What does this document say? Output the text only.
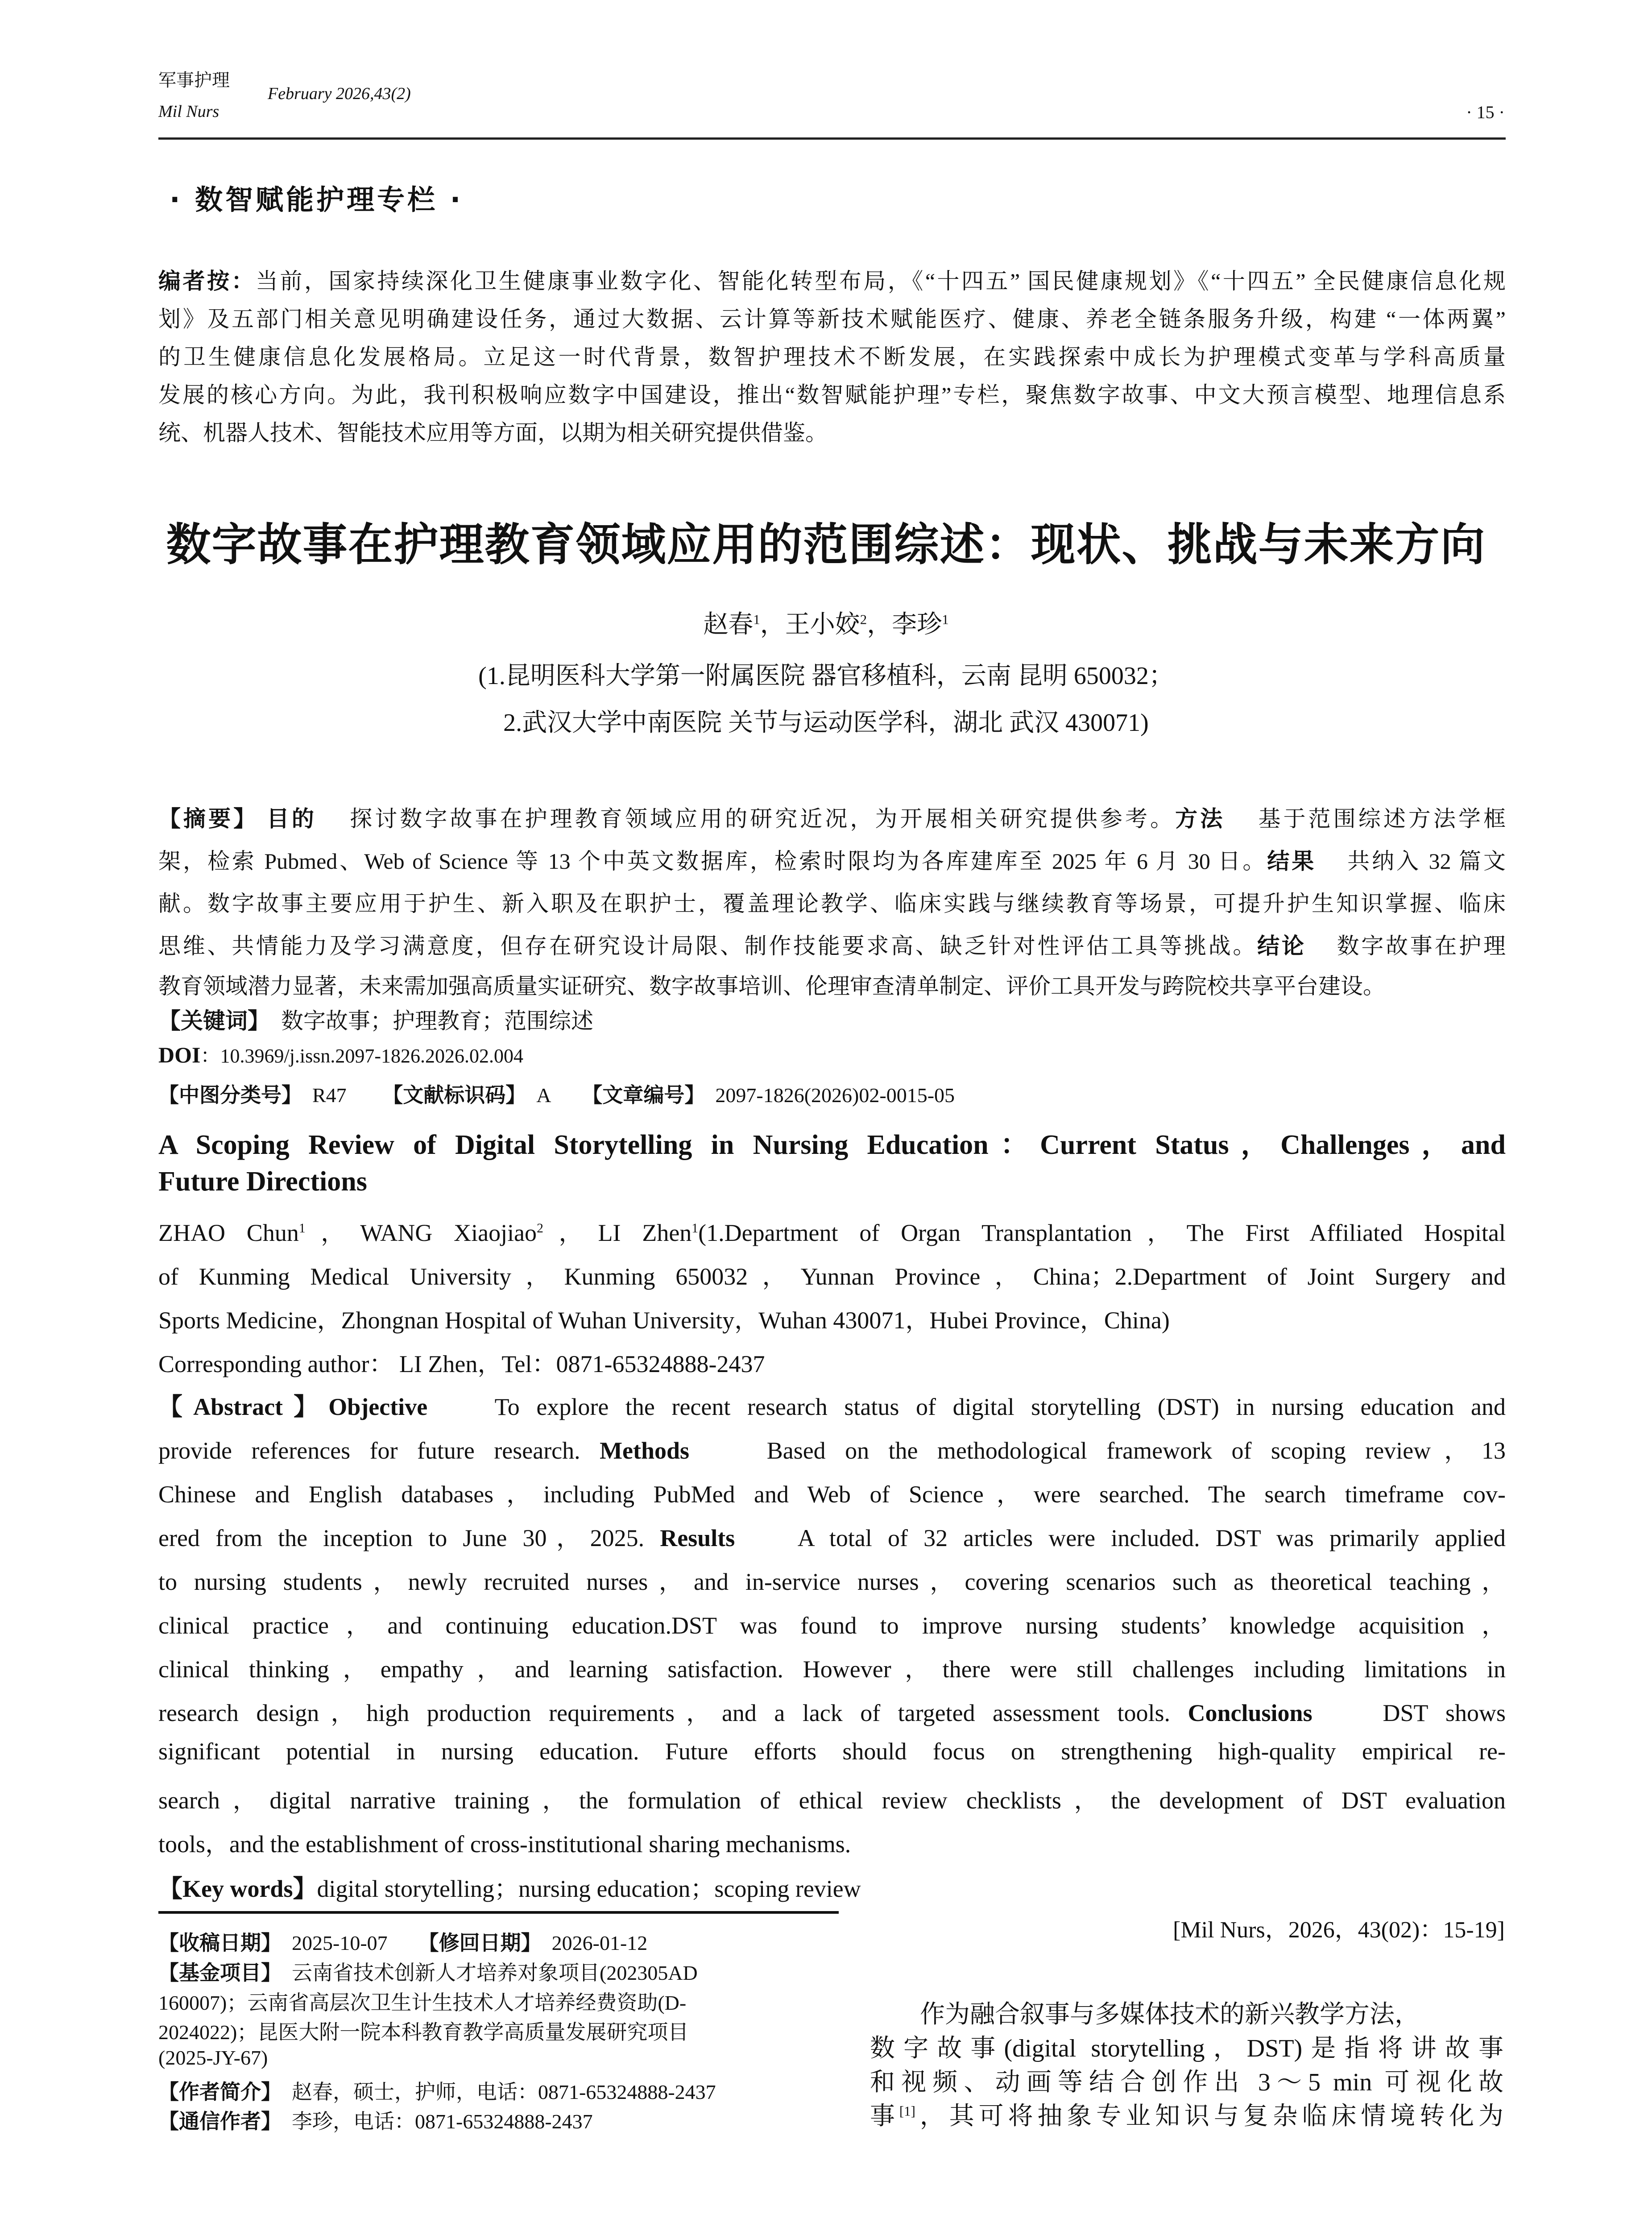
军事护理
February 2026,43(2)
Mil Nurs	· 15 ·
· 数智赋能护理专栏 ·
编者按：当前，国家持续深化卫生健康事业数字化、智能化转型布局，《“十四五” 国民健康规划》《“十四五” 全民健康信息化规
划》及五部门相关意见明确建设任务，通过大数据、云计算等新技术赋能医疗、健康、养老全链条服务升级，构建 “一体两翼”
的卫生健康信息化发展格局。立足这一时代背景，数智护理技术不断发展，在实践探索中成长为护理模式变革与学科高质量
发展的核心方向。为此，我刊积极响应数字中国建设，推出“数智赋能护理”专栏，聚焦数字故事、中文大预言模型、地理信息系
统、机器人技术、智能技术应用等方面，以期为相关研究提供借鉴。
数字故事在护理教育领域应用的范围综述：现状、挑战与未来方向
赵春$^1$，王小姣$^2$，李珍$^1$
(1.昆明医科大学第一附属医院 器官移植科，云南 昆明 650032；
2.武汉大学中南医院 关节与运动医学科，湖北 武汉 430071)
【摘要】 目的 探讨数字故事在护理教育领域应用的研究近况，为开展相关研究提供参考。方法 基于范围综述方法学框
架，检索 Pubmed、Web of Science 等 13 个中英文数据库，检索时限均为各库建库至 2025 年 6 月 30 日。结果 共纳入 32 篇文
献。数字故事主要应用于护生、新入职及在职护士，覆盖理论教学、临床实践与继续教育等场景，可提升护生知识掌握、临床
思维、共情能力及学习满意度，但存在研究设计局限、制作技能要求高、缺乏针对性评估工具等挑战。结论 数字故事在护理
教育领域潜力显著，未来需加强高质量实证研究、数字故事培训、伦理审查清单制定、评价工具开发与跨院校共享平台建设。
【关键词】 数字故事；护理教育；范围综述
DOI：10.3969/j.issn.2097-1826.2026.02.004
【中图分类号】 R47 【文献标识码】 A 【文章编号】 2097-1826(2026)02-0015-05
A Scoping Review of Digital Storytelling in Nursing Education：Current Status，Challenges，and
Future Directions
ZHAO Chun$^1$，WANG Xiaojiao$^2$，LI Zhen$^1$(1.Department of Organ Transplantation，The First Affiliated Hospital
of Kunming Medical University，Kunming 650032，Yunnan Province，China；2.Department of Joint Surgery and
Sports Medicine，Zhongnan Hospital of Wuhan University，Wuhan 430071，Hubei Province，China)
Corresponding author： LI Zhen，Tel：0871-65324888-2437
【Abstract】Objective	To explore the recent research status of digital storytelling (DST) in nursing education and
provide references for future research. Methods	Based on the methodological framework of scoping review，13
Chinese and English databases，including PubMed and Web of Science，were searched. The search timeframe cov-
ered from the inception to June 30，2025. Results	A total of 32 articles were included. DST was primarily applied
to nursing students，newly recruited nurses，and in-service nurses，covering scenarios such as theoretical teaching，
clinical practice，and continuing education.DST was found to improve nursing students’ knowledge acquisition，
clinical thinking，empathy，and learning satisfaction. However，there were still challenges including limitations in
research design，high production requirements，and a lack of targeted assessment tools. Conclusions	DST shows
significant potential in nursing education. Future efforts should focus on strengthening high-quality empirical re-
search，digital narrative training，the formulation of ethical review checklists，the development of DST evaluation
tools，and the establishment of cross-institutional sharing mechanisms.
【Key words】digital storytelling；nursing education；scoping review
[Mil Nurs，2026，43(02)：15-19]
【收稿日期】 2025-10-07 【修回日期】 2026-01-12
【基金项目】 云南省技术创新人才培养对象项目(202305AD
160007)；云南省高层次卫生计生技术人才培养经费资助(D-
2024022)；昆医大附一院本科教育教学高质量发展研究项目
(2025-JY-67)
【作者简介】 赵春，硕士，护师，电话：0871-65324888-2437
【通信作者】 李珍，电话：0871-65324888-2437
作为融合叙事与多媒体技术的新兴教学方法，
数字故事(digital storytelling，DST)是指将讲故事
和视频、动画等结合创作出 3～5 min 可视化故
事[1]，其可将抽象专业知识与复杂临床情境转化为
